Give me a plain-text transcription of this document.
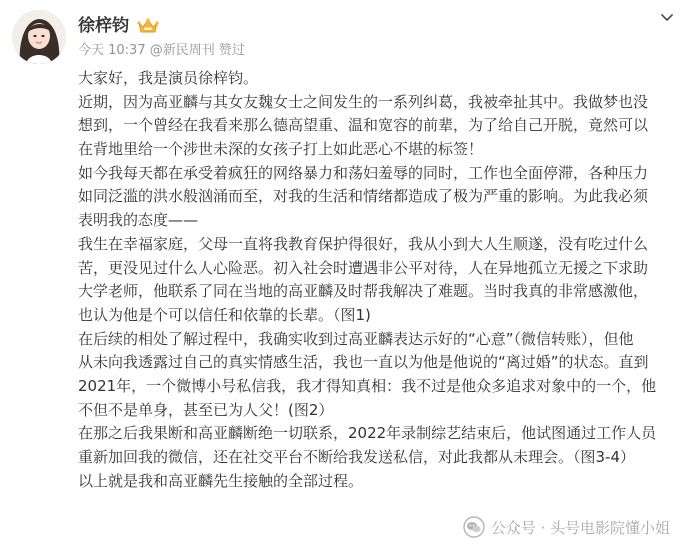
徐梓钧
今天 10:37 @新民周刊 赞过
大家好，我是演员徐梓钧。
近期，因为高亚麟与其女友魏女士之间发生的一系列纠葛，我被牵扯其中。我做梦也没
想到，一个曾经在我看来那么德高望重、温和宽容的前辈，为了给自己开脱，竟然可以
在背地里给一个涉世未深的女孩子打上如此恶心不堪的标签！
如今我每天都在承受着疯狂的网络暴力和荡妇羞辱的同时，工作也全面停滞，各种压力
如同泛滥的洪水般汹涌而至，对我的生活和情绪都造成了极为严重的影响。为此我必须
表明我的态度——
我生在幸福家庭，父母一直将我教育保护得很好，我从小到大人生顺遂，没有吃过什么
苦，更没见过什么人心险恶。初入社会时遭遇非公平对待，人在异地孤立无援之下求助
大学老师，他联系了同在当地的高亚麟及时帮我解决了难题。当时我真的非常感激他，
也认为他是个可以信任和依靠的长辈。（图1)
在后续的相处了解过程中，我确实收到过高亚麟表达示好的“心意”（微信转账），但他
从未向我透露过自己的真实情感生活，我也一直以为他是他说的“离过婚”的状态。直到
2021年，一个微博小号私信我，我才得知真相：我不过是他众多追求对象中的一个，他
不但不是单身，甚至已为人父！(图2）
在那之后我果断和高亚麟断绝一切联系，2022年录制综艺结束后，他试图通过工作人员
重新加回我的微信，还在社交平台不断给我发送私信，对此我都从未理会。（图3-4）
以上就是我和高亚麟先生接触的全部过程。
公众号 · 头号电影院懂小姐
